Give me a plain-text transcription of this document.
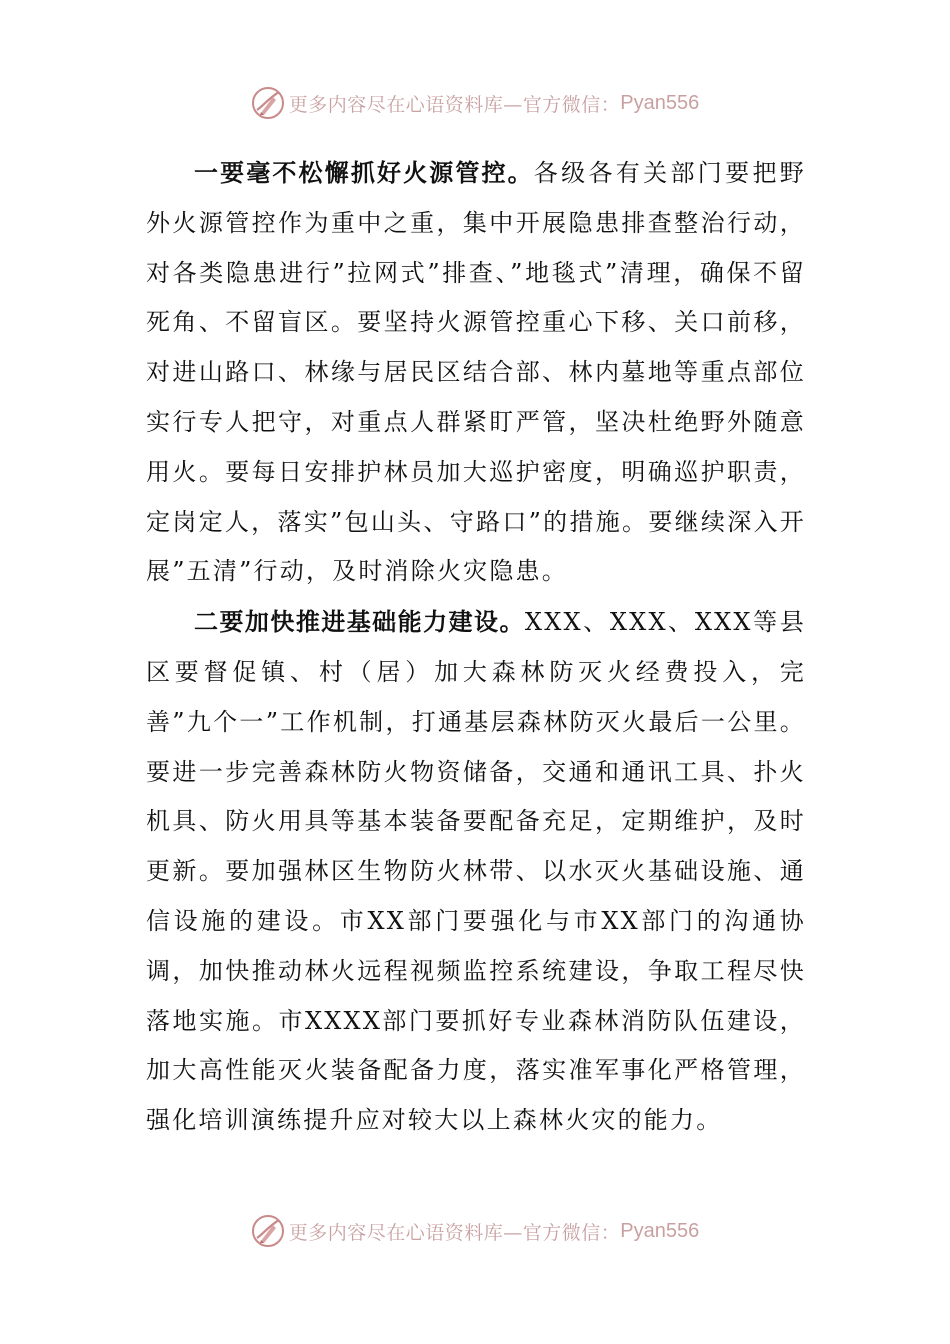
更多内容尽在心语资料库—官方微信： Pyan556

一要毫不松懈抓好火源管控。各级各有关部门要把野外火源管控作为重中之重，集中开展隐患排查整治行动，对各类隐患进行”拉网式”排查、”地毯式”清理，确保不留死角、不留盲区。要坚持火源管控重心下移、关口前移，对进山路口、林缘与居民区结合部、林内墓地等重点部位实行专人把守，对重点人群紧盯严管，坚决杜绝野外随意用火。要每日安排护林员加大巡护密度，明确巡护职责，定岗定人，落实”包山头、守路口”的措施。要继续深入开展”五清”行动，及时消除火灾隐患。

二要加快推进基础能力建设。XXX、XXX、XXX等县区要督促镇、村（居）加大森林防灭火经费投入，完善”九个一”工作机制，打通基层森林防灭火最后一公里。要进一步完善森林防火物资储备，交通和通讯工具、扑火机具、防火用具等基本装备要配备充足，定期维护，及时更新。要加强林区生物防火林带、以水灭火基础设施、通信设施的建设。市XX部门要强化与市XX部门的沟通协调，加快推动林火远程视频监控系统建设，争取工程尽快落地实施。市XXXX部门要抓好专业森林消防队伍建设，加大高性能灭火装备配备力度，落实准军事化严格管理，强化培训演练提升应对较大以上森林火灾的能力。

更多内容尽在心语资料库—官方微信： Pyan556
